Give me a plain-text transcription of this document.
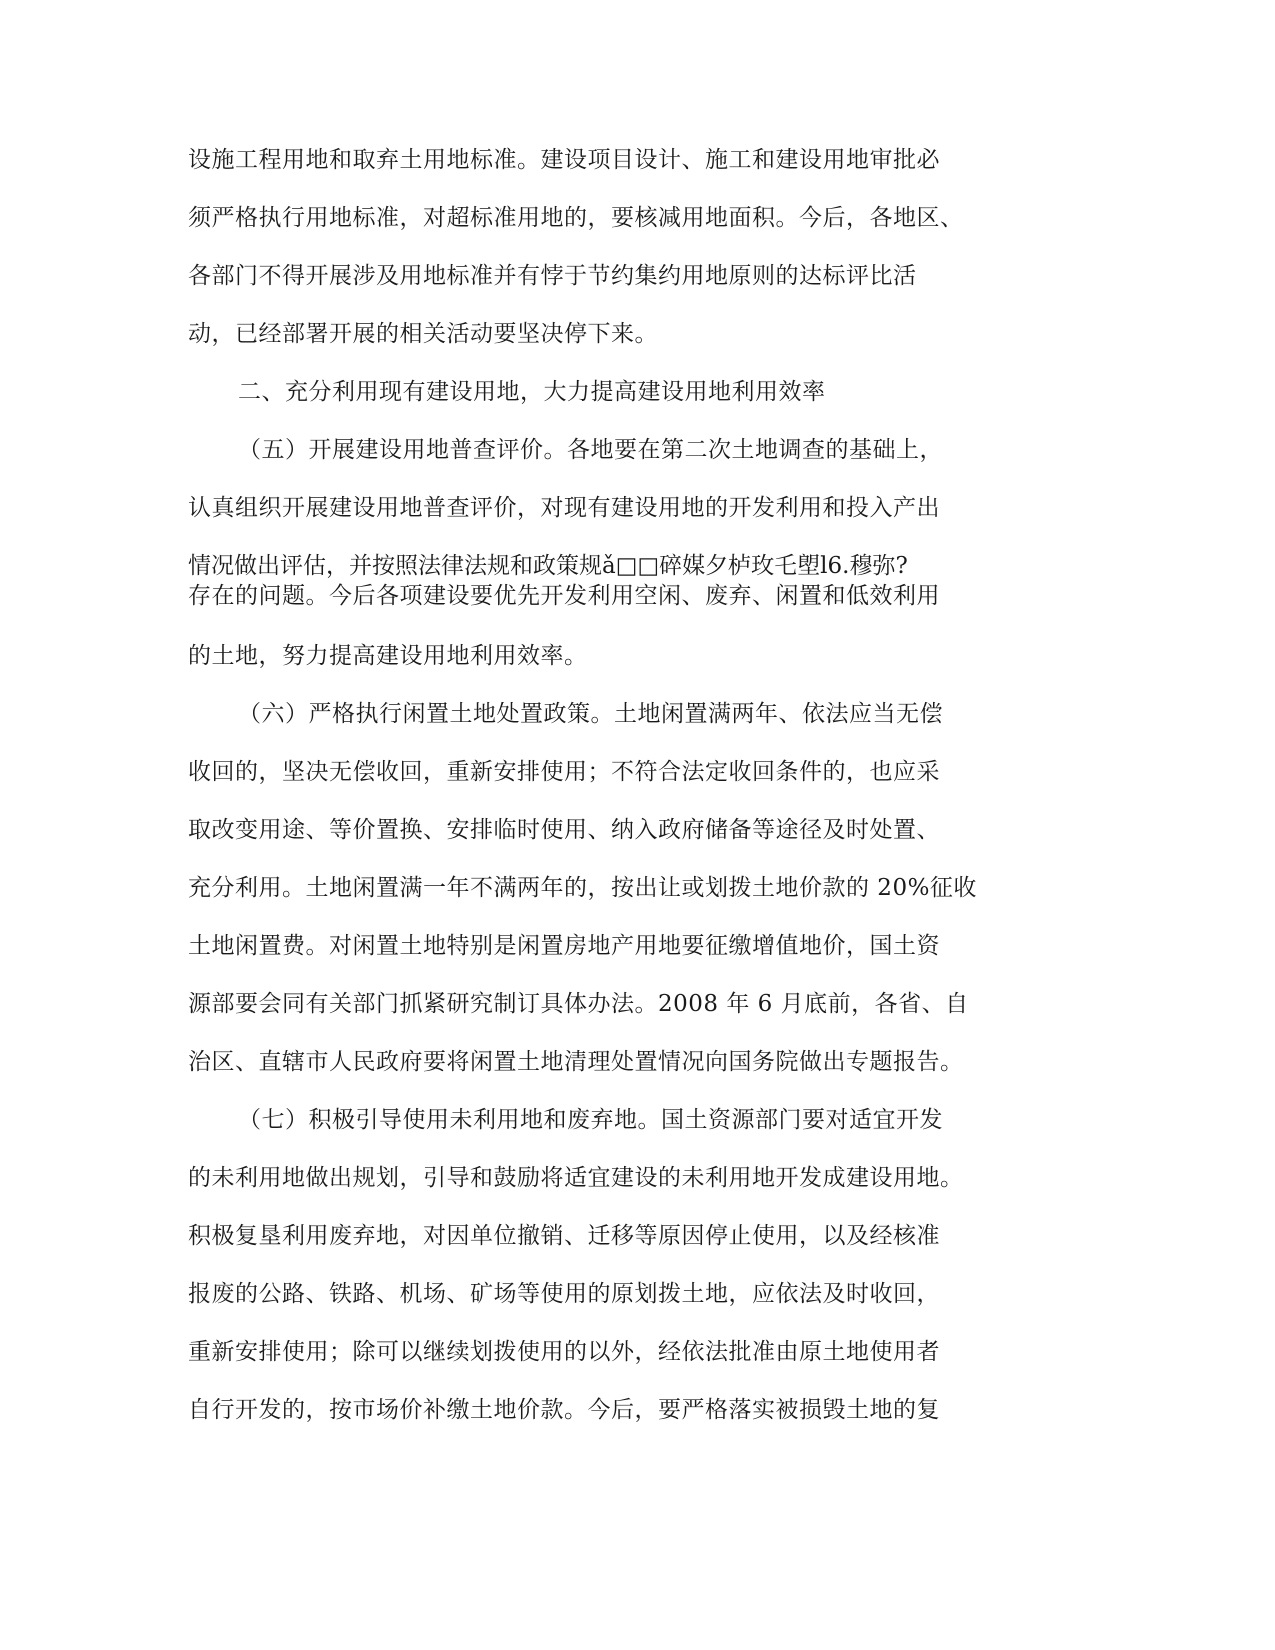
设施工程用地和取弃土用地标准。建设项目设计、施工和建设用地审批必
须严格执行用地标准，对超标准用地的，要核减用地面积。今后，各地区、
各部门不得开展涉及用地标准并有悖于节约集约用地原则的达标评比活
动，已经部署开展的相关活动要坚决停下来。
二、充分利用现有建设用地，大力提高建设用地利用效率
（五）开展建设用地普查评价。各地要在第二次土地调查的基础上，
认真组织开展建设用地普查评价，对现有建设用地的开发利用和投入产出
情况做出评估，并按照法律法规和政策规ǎ□□碎媒夕栌玫乇塱l6.穆弥?
存在的问题。今后各项建设要优先开发利用空闲、废弃、闲置和低效利用
的土地，努力提高建设用地利用效率。
（六）严格执行闲置土地处置政策。土地闲置满两年、依法应当无偿
收回的，坚决无偿收回，重新安排使用；不符合法定收回条件的，也应采
取改变用途、等价置换、安排临时使用、纳入政府储备等途径及时处置、
充分利用。土地闲置满一年不满两年的，按出让或划拨土地价款的 20%征收
土地闲置费。对闲置土地特别是闲置房地产用地要征缴增值地价，国土资
源部要会同有关部门抓紧研究制订具体办法。2008 年 6 月底前，各省、自
治区、直辖市人民政府要将闲置土地清理处置情况向国务院做出专题报告。
（七）积极引导使用未利用地和废弃地。国土资源部门要对适宜开发
的未利用地做出规划，引导和鼓励将适宜建设的未利用地开发成建设用地。
积极复垦利用废弃地，对因单位撤销、迁移等原因停止使用，以及经核准
报废的公路、铁路、机场、矿场等使用的原划拨土地，应依法及时收回，
重新安排使用；除可以继续划拨使用的以外，经依法批准由原土地使用者
自行开发的，按市场价补缴土地价款。今后，要严格落实被损毁土地的复
